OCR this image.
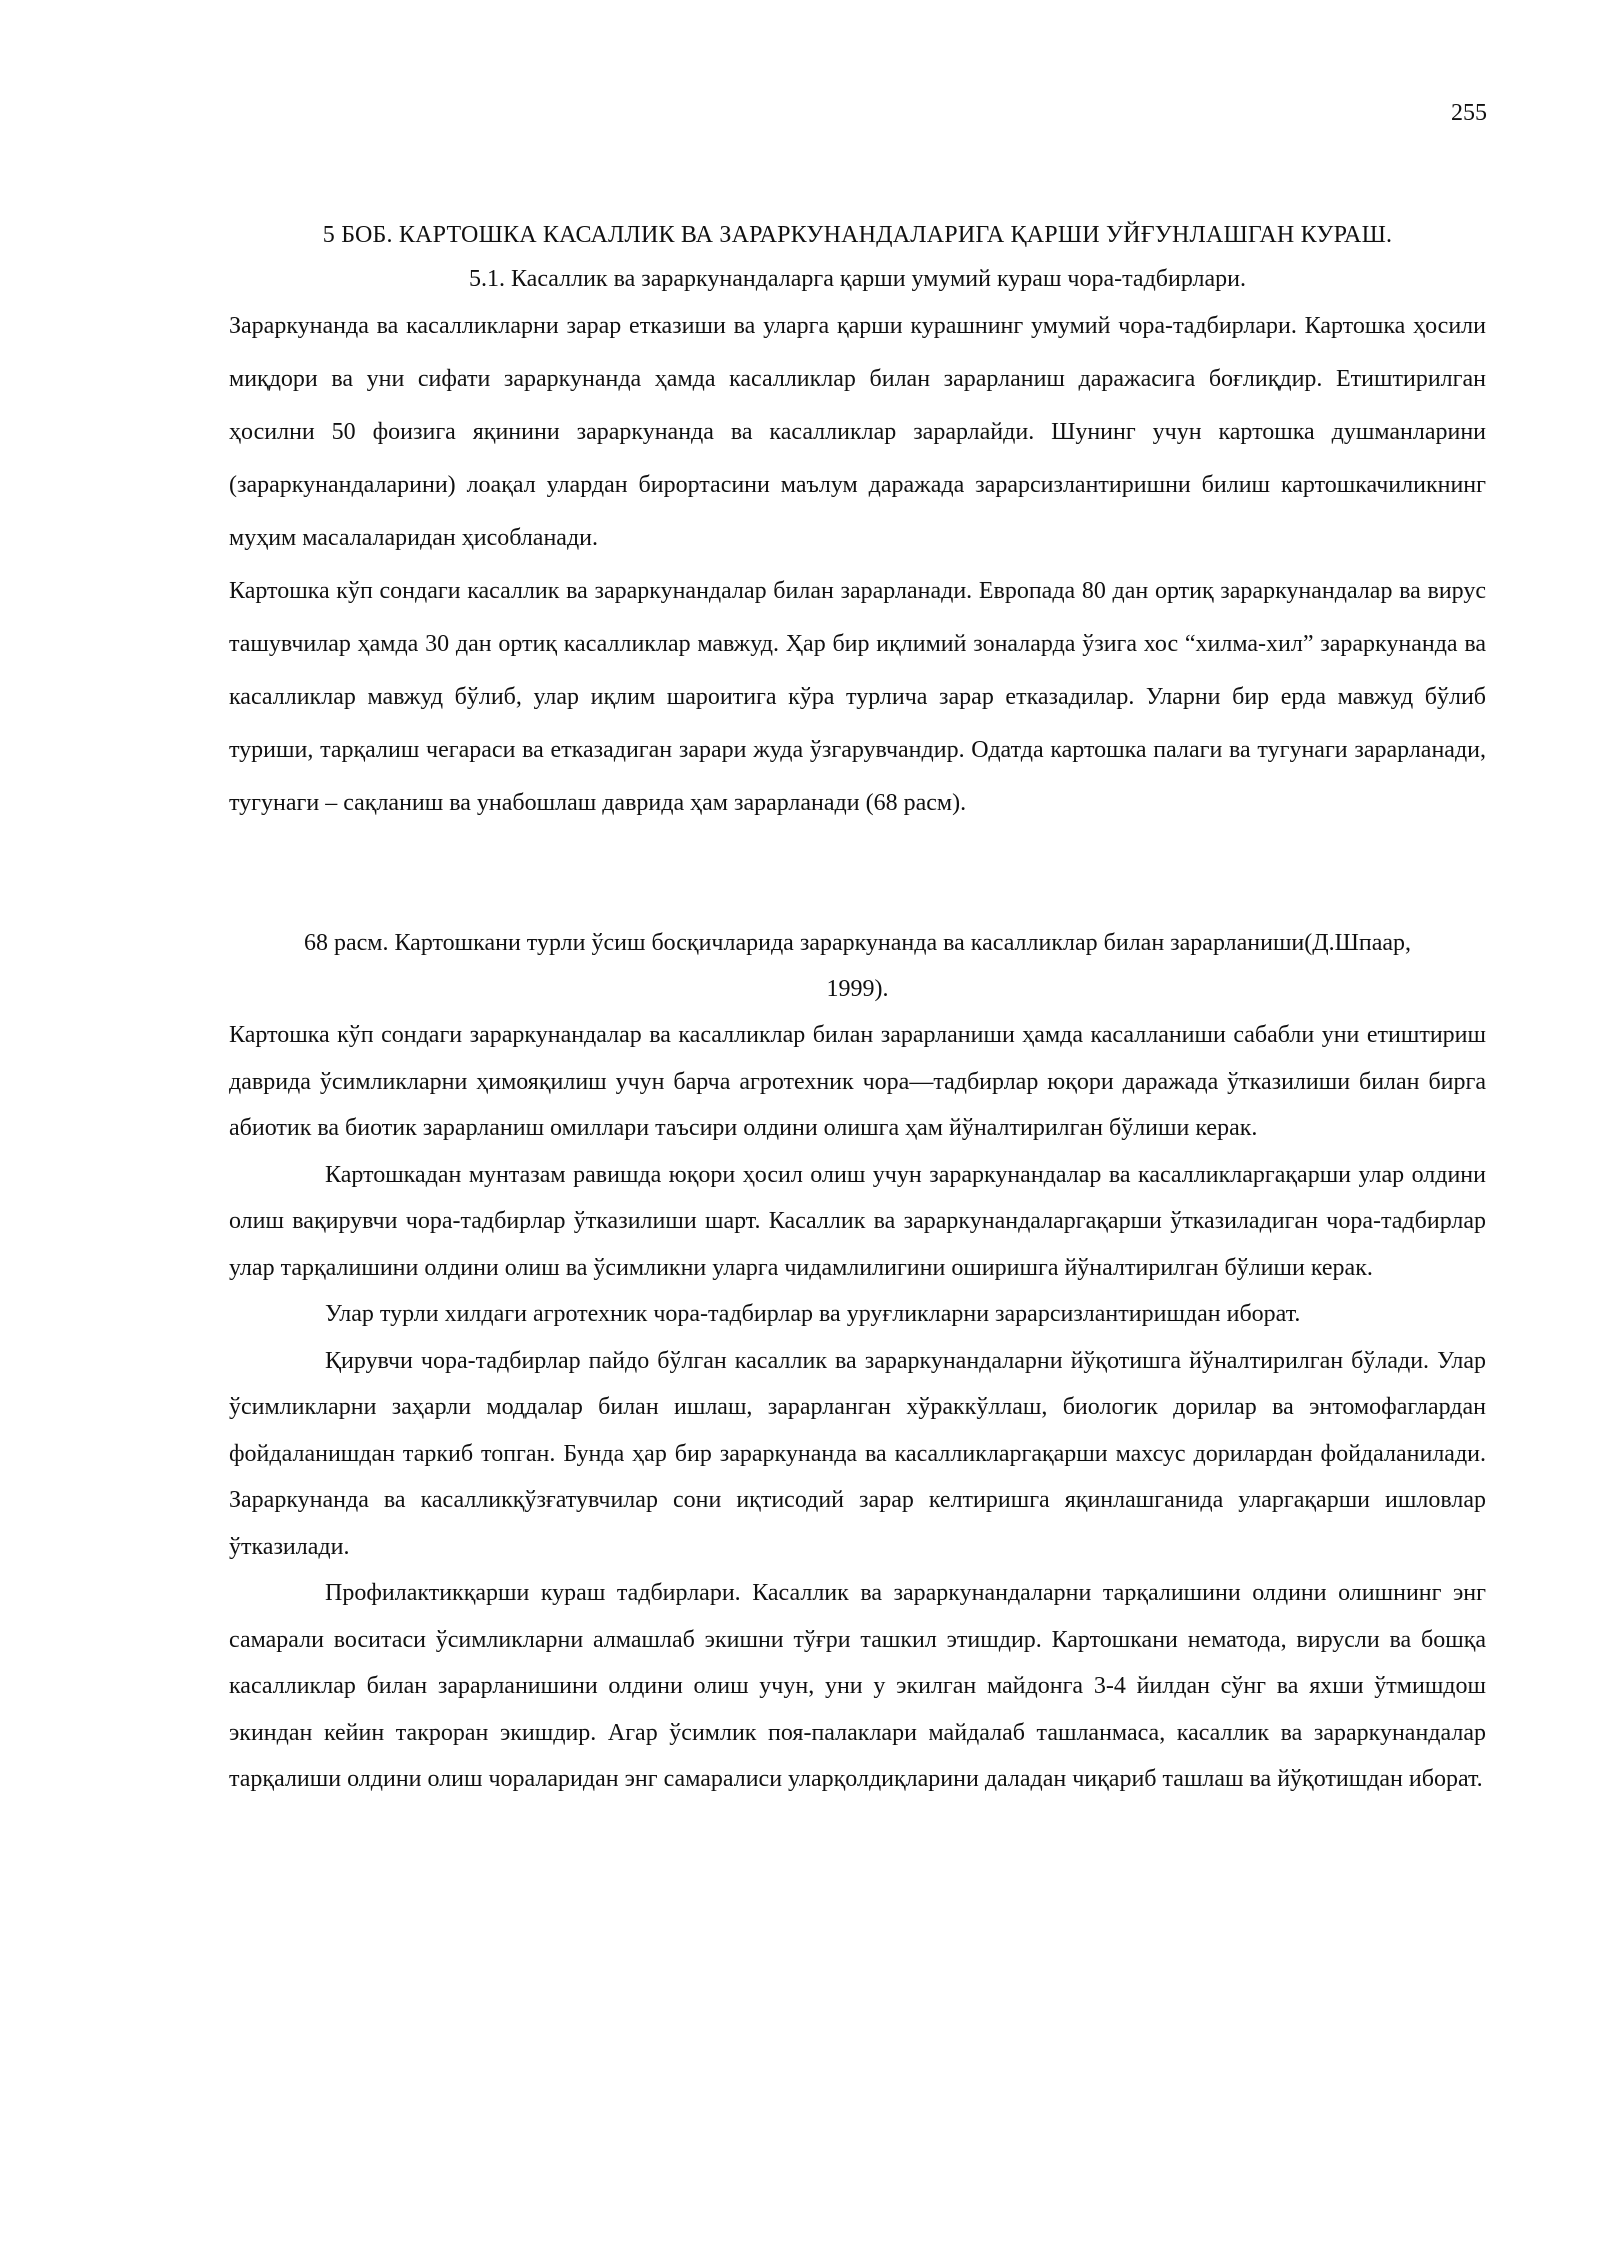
255
5 БОБ. КАРТОШКА КАСАЛЛИК ВА ЗАРАРКУНАНДАЛАРИГА ҚАРШИ УЙҒУНЛАШГАН КУРАШ.
5.1. Касаллик ва зараркунандаларга қарши умумий кураш чора-тадбирлари.

Зараркунанда ва касалликларни зарар етказиши ва уларга қарши курашнинг умумий чора-тадбирлари. Картошка ҳосили миқдори ва уни сифати зараркунанда ҳамда касалликлар билан зарарланиш даражасига боғлиқдир. Етиштирилган ҳосилни 50 фоизига яқинини зараркунанда ва касалликлар зарарлайди. Шунинг учун картошка душманларини (зараркунандаларини) лоақал улардан бирортасини маълум даражада зарарсизлантиришни билиш картошкачиликнинг муҳим масалаларидан ҳисобланади.

Картошка кўп сондаги касаллик ва зараркунандалар билан зарарланади. Европада 80 дан ортиқ зараркунандалар ва вирус ташувчилар ҳамда 30 дан ортиқ касалликлар мавжуд. Ҳар бир иқлимий зоналарда ўзига хос “хилма-хил” зараркунанда ва касалликлар мавжуд бўлиб, улар иқлим шароитига кўра турлича зарар етказадилар. Уларни бир ерда мавжуд бўлиб туриши, тарқалиш чегараси ва етказадиган зарари жуда ўзгарувчандир. Одатда картошка палаги ва тугунаги зарарланади, тугунаги – сақланиш ва унабошлаш даврида ҳам зарарланади (68 расм).

68 расм. Картошкани турли ўсиш босқичларида зараркунанда ва касалликлар билан зарарланиши(Д.Шпаар,

1999).

Картошка кўп сондаги зараркунандалар ва касалликлар билан зарарланиши ҳамда касалланиши сабабли уни етиштириш даврида ўсимликларни ҳимояқилиш учун барча агротехник чора—тадбирлар юқори даражада ўтказилиши билан бирга абиотик ва биотик зарарланиш омиллари таъсири олдини олишга ҳам йўналтирилган бўлиши керак.

Картошкадан мунтазам равишда юқори ҳосил олиш учун зараркунандалар ва касалликларгақарши улар олдини олиш вақирувчи чора-тадбирлар ўтказилиши шарт. Касаллик ва зараркунандаларгақарши ўтказиладиган чора-тадбирлар улар тарқалишини олдини олиш ва ўсимликни уларга чидамлилигини оширишга йўналтирилган бўлиши керак.

Улар турли хилдаги агротехник чора-тадбирлар ва уруғликларни зарарсизлантиришдан иборат.

Қирувчи чора-тадбирлар пайдо бўлган касаллик ва зараркунандаларни йўқотишга йўналтирилган бўлади. Улар ўсимликларни заҳарли моддалар билан ишлаш, зарарланган хўраккўллаш, биологик дорилар ва энтомофаглардан фойдаланишдан таркиб топган. Бунда ҳар бир зараркунанда ва касалликларгақарши махсус дорилардан фойдаланилади. Зараркунанда ва касалликқўзғатувчилар сони иқтисодий зарар келтиришга яқинлашганида уларгақарши ишловлар ўтказилади.

Профилактикқарши кураш тадбирлари. Касаллик ва зараркунандаларни тарқалишини олдини олишнинг энг самарали воситаси ўсимликларни алмашлаб экишни тўғри ташкил этишдир. Картошкани нематода, вирусли ва бошқа касалликлар билан зарарланишини олдини олиш учун, уни у экилган майдонга 3-4 йилдан сўнг ва яхши ўтмишдош экиндан кейин такроран экишдир. Агар ўсимлик поя-палаклари майдалаб ташланмаса, касаллик ва зараркунандалар тарқалиши олдини олиш чораларидан энг самаралиси уларқолдиқларини даладан чиқариб ташлаш ва йўқотишдан иборат.
